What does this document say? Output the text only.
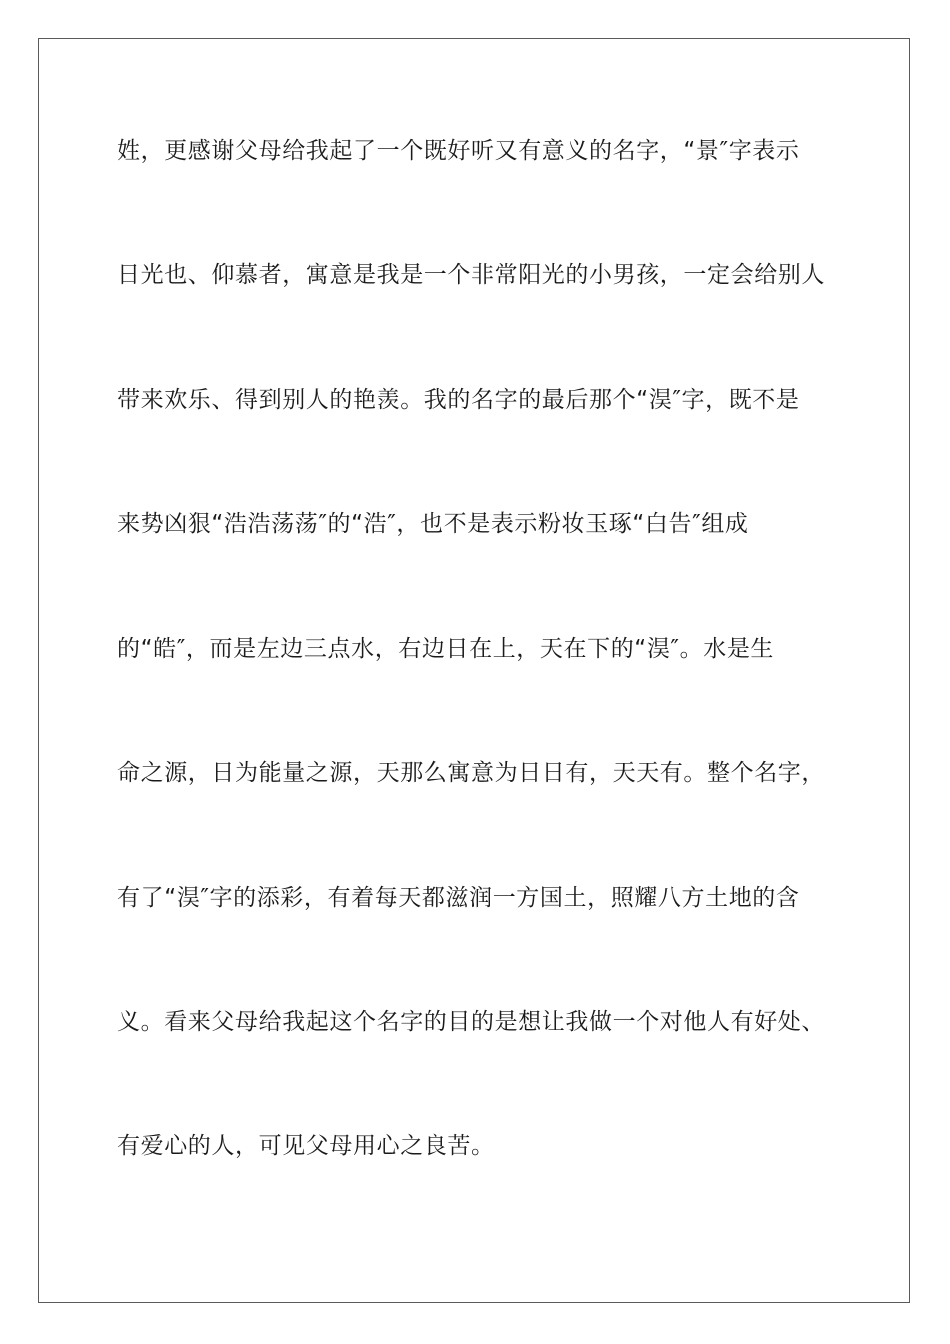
姓，更感谢父母给我起了一个既好听又有意义的名字，“景″字表示
日光也、仰慕者，寓意是我是一个非常阳光的小男孩，一定会给别人
带来欢乐、得到别人的艳羡。我的名字的最后那个“淏″字，既不是
来势凶狠“浩浩荡荡″的“浩″，也不是表示粉妆玉琢“白告″组成
的“皓″，而是左边三点水，右边日在上，天在下的“淏″。水是生
命之源，日为能量之源，天那么寓意为日日有，天天有。整个名字，
有了“淏″字的添彩，有着每天都滋润一方国土，照耀八方土地的含
义。看来父母给我起这个名字的目的是想让我做一个对他人有好处、
有爱心的人，可见父母用心之良苦。
